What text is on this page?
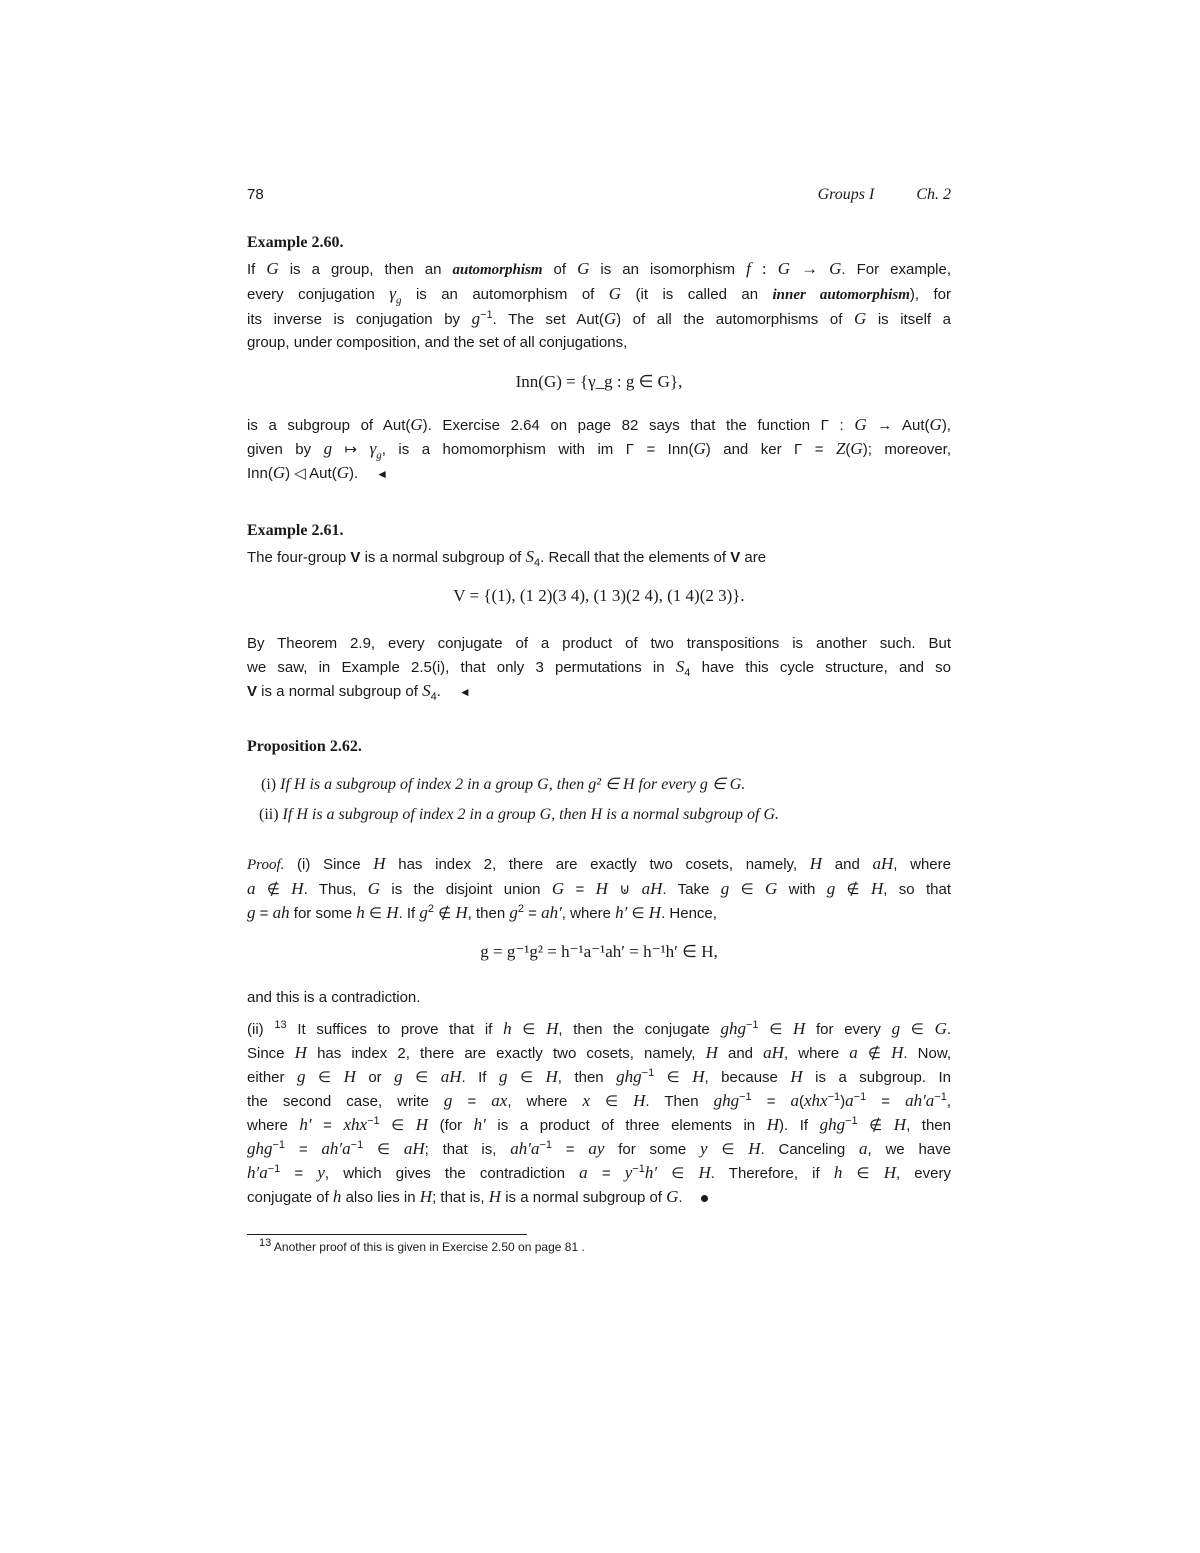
78	Groups I	Ch. 2
Example 2.60.
If G is a group, then an automorphism of G is an isomorphism f : G → G. For example,
every conjugation $\gamma_g$ is an automorphism of G (it is called an inner automorphism), for
its inverse is conjugation by $g^{-1}$. The set Aut(G) of all the automorphisms of G is itself a
group, under composition, and the set of all conjugations,
Inn(G) = {γ_g : g ∈ G},
is a subgroup of Aut(G). Exercise 2.64 on page 82 says that the function Γ : G → Aut(G),
given by g ↦ $\gamma_g$, is a homomorphism with im Γ = Inn(G) and ker Γ = Z(G); moreover,
Inn(G) ◁ Aut(G). ◄
Example 2.61.
The four-group V is a normal subgroup of $S_4$. Recall that the elements of V are
V = {(1), (1 2)(3 4), (1 3)(2 4), (1 4)(2 3)}.
By Theorem 2.9, every conjugate of a product of two transpositions is another such. But
we saw, in Example 2.5(i), that only 3 permutations in $S_4$ have this cycle structure, and so
V is a normal subgroup of $S_4$. ◄
Proposition 2.62.
(i) If H is a subgroup of index 2 in a group G, then g² ∈ H for every g ∈ G.
(ii) If H is a subgroup of index 2 in a group G, then H is a normal subgroup of G.
Proof. (i) Since H has index 2, there are exactly two cosets, namely, H and aH, where
a ∉ H. Thus, G is the disjoint union G = H ⊍ aH. Take g ∈ G with g ∉ H, so that
g = ah for some h ∈ H. If $g^2$ ∉ H, then $g^2 = ah'$, where h′ ∈ H. Hence,
g = g⁻¹g² = h⁻¹a⁻¹ah′ = h⁻¹h′ ∈ H,
and this is a contradiction.
(ii) $^{13}$ It suffices to prove that if h ∈ H, then the conjugate ghg$^{-1}$ ∈ H for every g ∈ G.
Since H has index 2, there are exactly two cosets, namely, H and aH, where a ∉ H. Now,
either g ∈ H or g ∈ aH. If g ∈ H, then ghg$^{-1}$ ∈ H, because H is a subgroup. In
the second case, write g = ax, where x ∈ H. Then $ghg^{-1} = a(xhx^{-1})a^{-1} = ah'a^{-1}$,
where h′ = xhx$^{-1}$ ∈ H (for h′ is a product of three elements in H). If ghg$^{-1}$ ∉ H, then
$ghg^{-1} = ah'a^{-1}$ ∈ aH; that is, $ah'a^{-1}$ = ay for some y ∈ H. Canceling a, we have
$h'a^{-1} = y$, which gives the contradiction $a = y^{-1}h'$ ∈ H. Therefore, if h ∈ H, every
conjugate of h also lies in H; that is, H is a normal subgroup of G.
$^{13}$ Another proof of this is given in Exercise 2.50 on page 81 .
